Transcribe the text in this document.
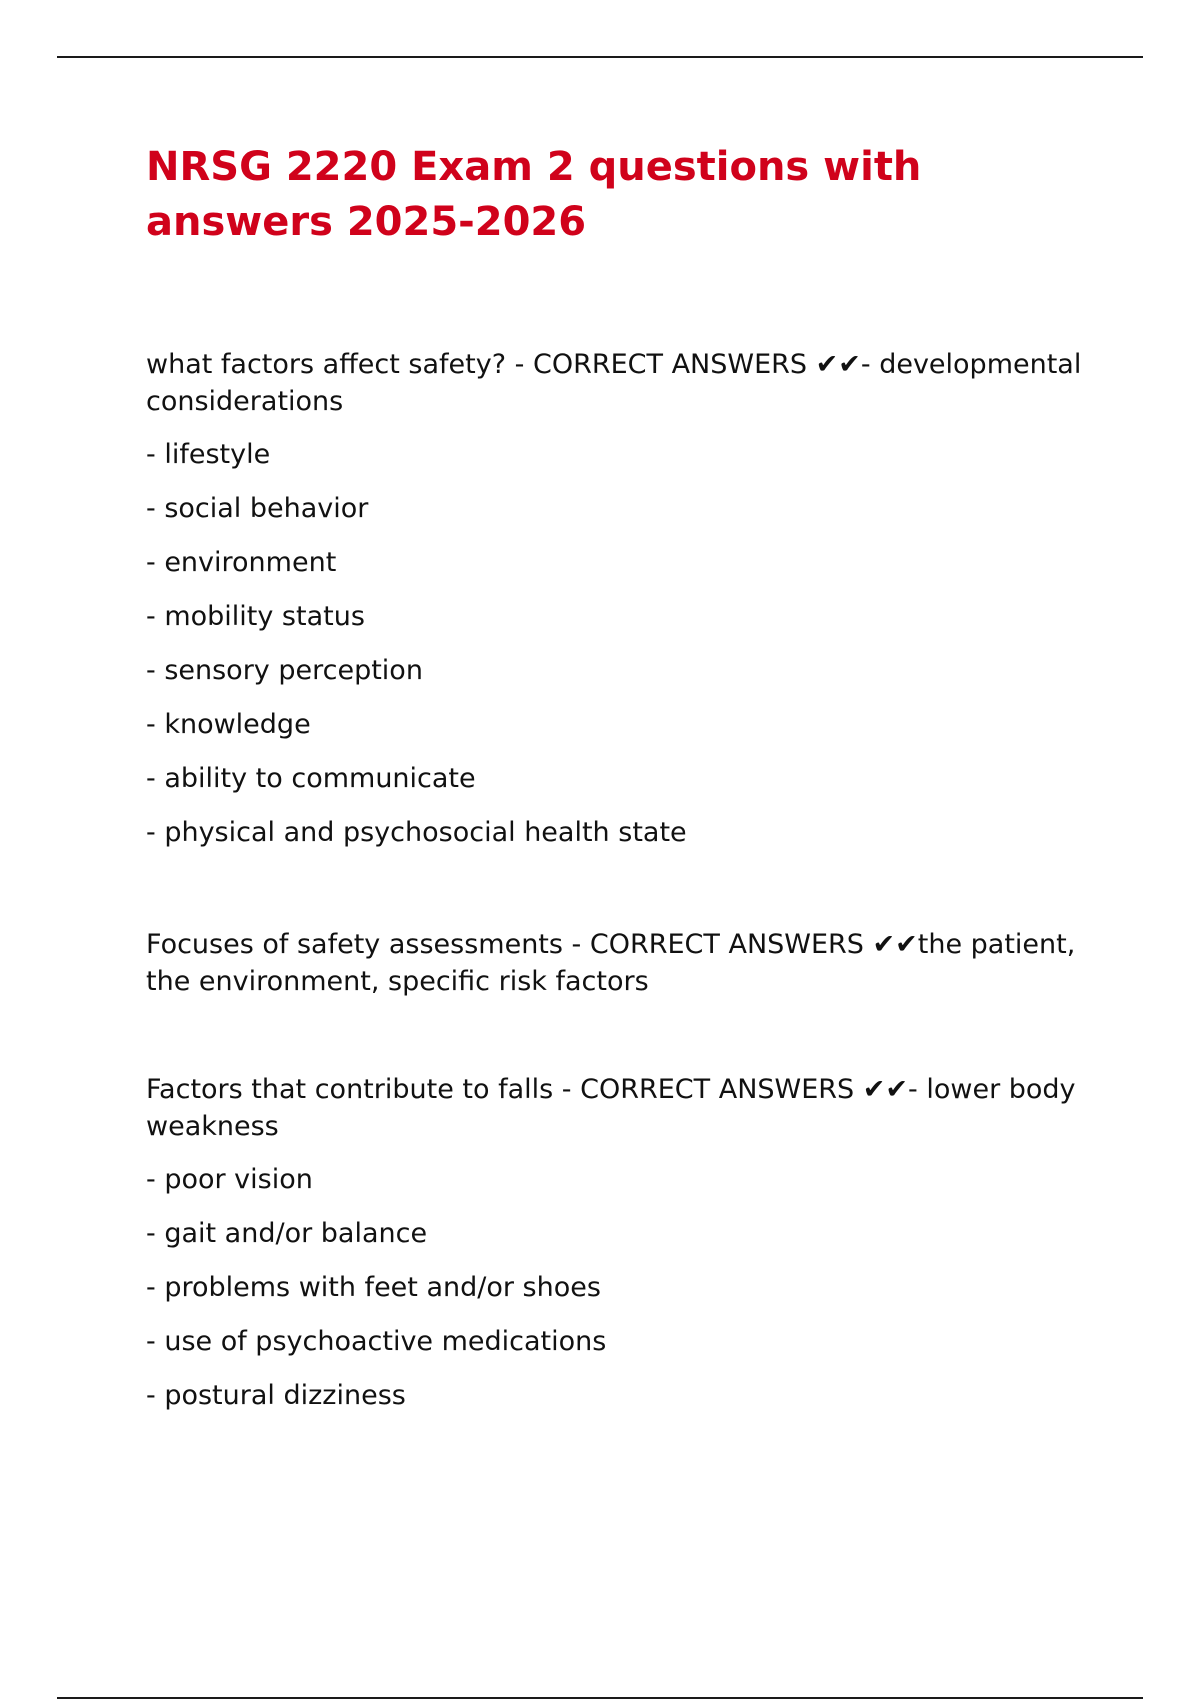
NRSG 2220 Exam 2 questions with answers 2025-2026

what factors affect safety? - CORRECT ANSWERS ✔✔- developmental considerations

- lifestyle

- social behavior

- environment

- mobility status

- sensory perception

- knowledge

- ability to communicate

- physical and psychosocial health state

Focuses of safety assessments - CORRECT ANSWERS ✔✔the patient, the environment, specific risk factors

Factors that contribute to falls - CORRECT ANSWERS ✔✔- lower body weakness

- poor vision

- gait and/or balance

- problems with feet and/or shoes

- use of psychoactive medications

- postural dizziness
